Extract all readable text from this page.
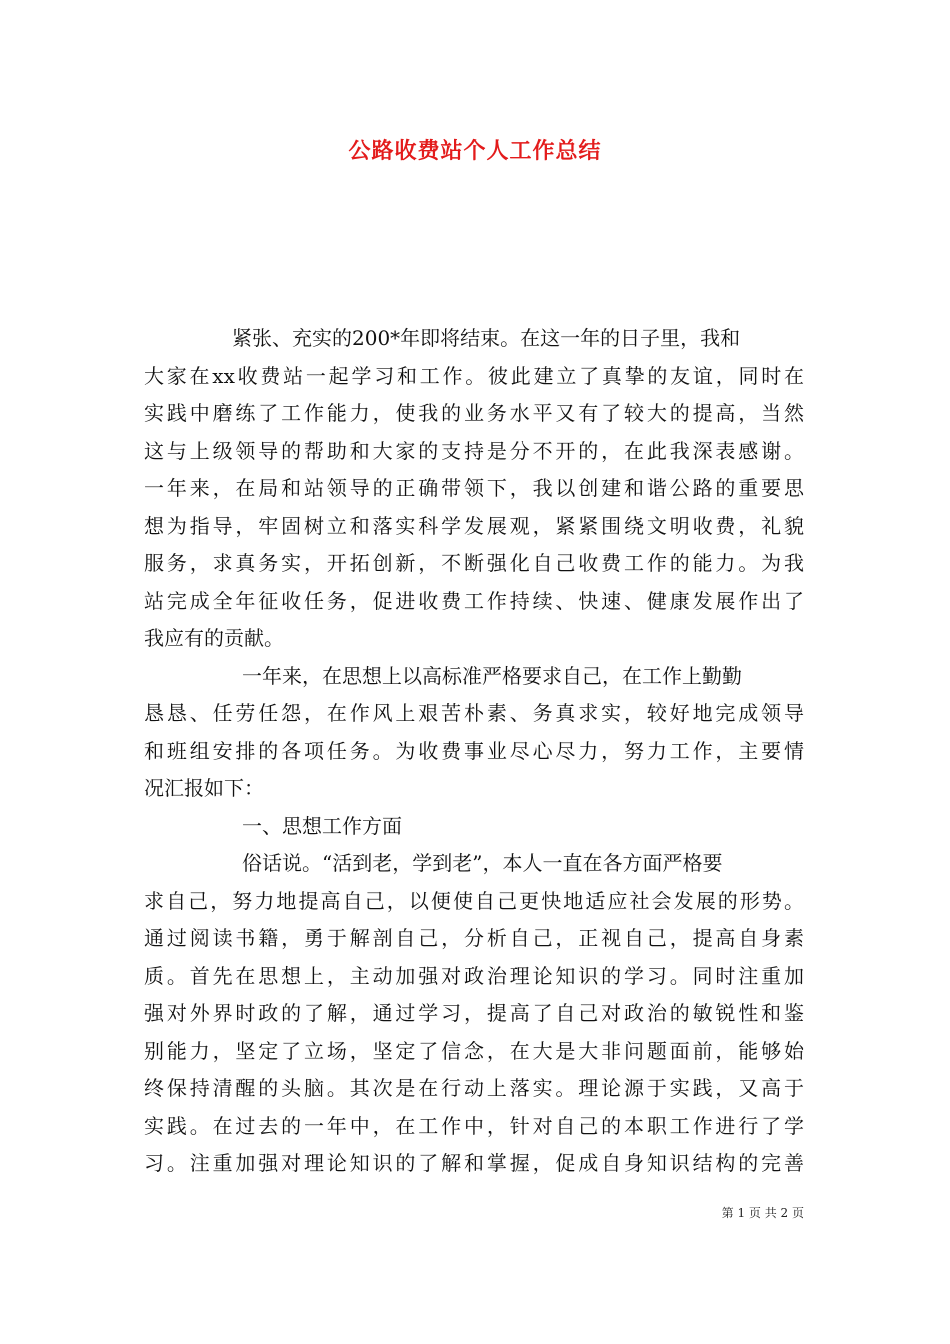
公路收费站个人工作总结
紧张、充实的200*年即将结束。在这一年的日子里，我和
大家在xx收费站一起学习和工作。彼此建立了真挚的友谊，同时在
实践中磨练了工作能力，使我的业务水平又有了较大的提高，当然
这与上级领导的帮助和大家的支持是分不开的，在此我深表感谢。
一年来，在局和站领导的正确带领下，我以创建和谐公路的重要思
想为指导，牢固树立和落实科学发展观，紧紧围绕文明收费，礼貌
服务，求真务实，开拓创新，不断强化自己收费工作的能力。为我
站完成全年征收任务，促进收费工作持续、快速、健康发展作出了
我应有的贡献。
一年来，在思想上以高标准严格要求自己，在工作上勤勤
恳恳、任劳任怨，在作风上艰苦朴素、务真求实，较好地完成领导
和班组安排的各项任务。为收费事业尽心尽力，努力工作，主要情
况汇报如下：
一、思想工作方面
俗话说。“活到老，学到老”，本人一直在各方面严格要
求自己，努力地提高自己，以便使自己更快地适应社会发展的形势。
通过阅读书籍，勇于解剖自己，分析自己，正视自己，提高自身素
质。首先在思想上，主动加强对政治理论知识的学习。同时注重加
强对外界时政的了解，通过学习，提高了自己对政治的敏锐性和鉴
别能力，坚定了立场，坚定了信念，在大是大非问题面前，能够始
终保持清醒的头脑。其次是在行动上落实。理论源于实践，又高于
实践。在过去的一年中，在工作中，针对自己的本职工作进行了学
习。注重加强对理论知识的了解和掌握，促成自身知识结构的完善
第 1 页 共 2 页
